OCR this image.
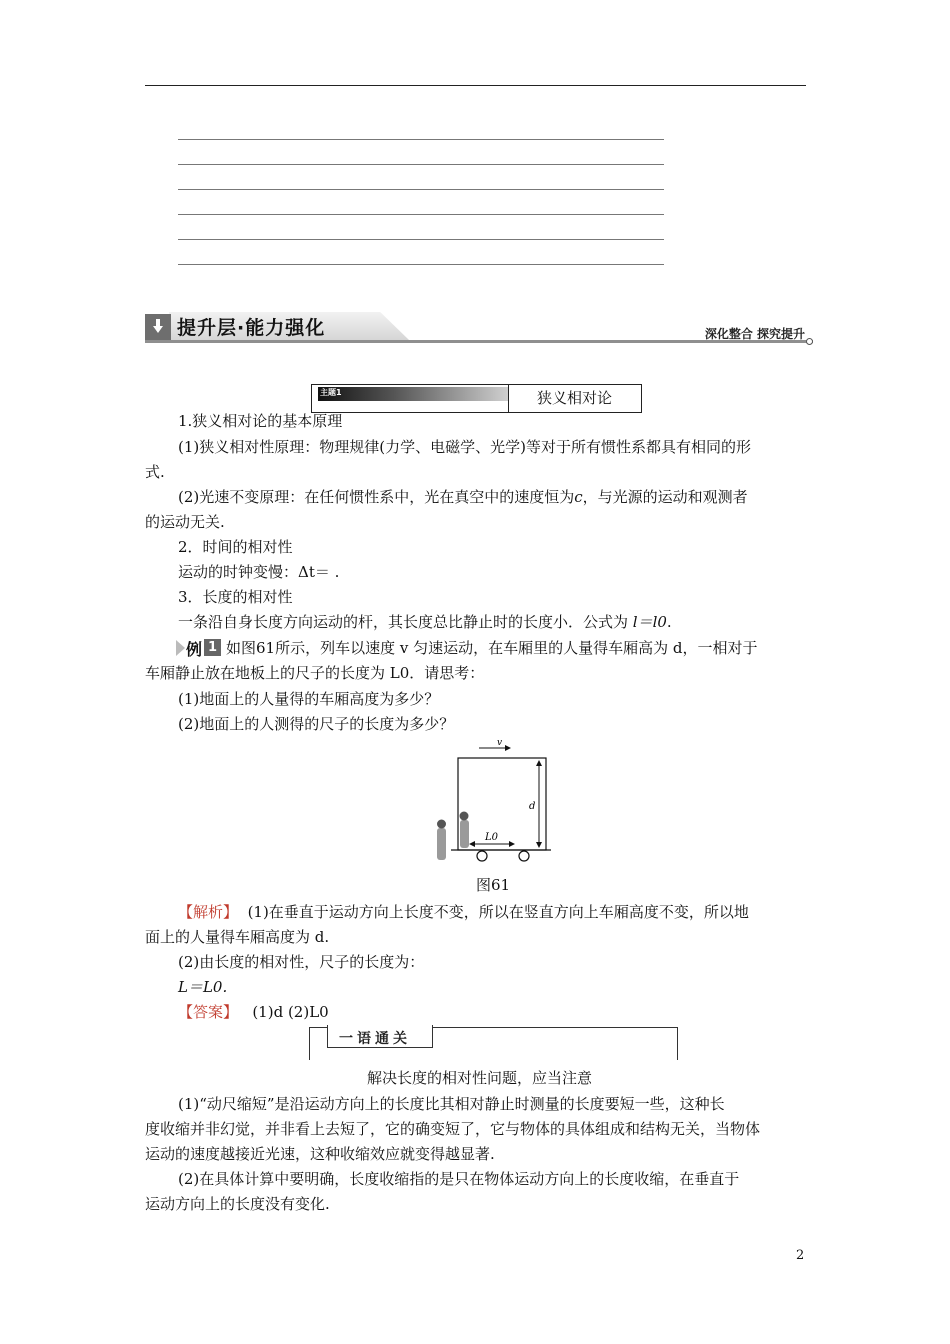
提升层·能力强化	深化整合 探究提升
主题1	狭义相对论
1.狭义相对论的基本原理
(1)狭义相对性原理：物理规律(力学、电磁学、光学)等对于所有惯性系都具有相同的形
式.
(2)光速不变原理：在任何惯性系中，光在真空中的速度恒为c，与光源的运动和观测者
的运动无关.
2．时间的相对性
运动的时钟变慢：Δt＝ .
3．长度的相对性
一条沿自身长度方向运动的杆，其长度总比静止时的长度小．公式为 l＝l0.
例 1 如图61所示，列车以速度 v 匀速运动，在车厢里的人量得车厢高为 d，一相对于
车厢静止放在地板上的尺子的长度为 L0．请思考：
(1)地面上的人量得的车厢高度为多少？
(2)地面上的人测得的尺子的长度为多少？
v
d
L0
图61
【解析】 (1)在垂直于运动方向上长度不变，所以在竖直方向上车厢高度不变，所以地
面上的人量得车厢高度为 d.
(2)由长度的相对性，尺子的长度为：
L＝L0.
【答案】 (1)d (2)L0
一语通关
解决长度的相对性问题，应当注意
(1)“动尺缩短”是沿运动方向上的长度比其相对静止时测量的长度要短一些，这种长
度收缩并非幻觉，并非看上去短了，它的确变短了，它与物体的具体组成和结构无关，当物体
运动的速度越接近光速，这种收缩效应就变得越显著.
(2)在具体计算中要明确，长度收缩指的是只在物体运动方向上的长度收缩，在垂直于
运动方向上的长度没有变化.
2
